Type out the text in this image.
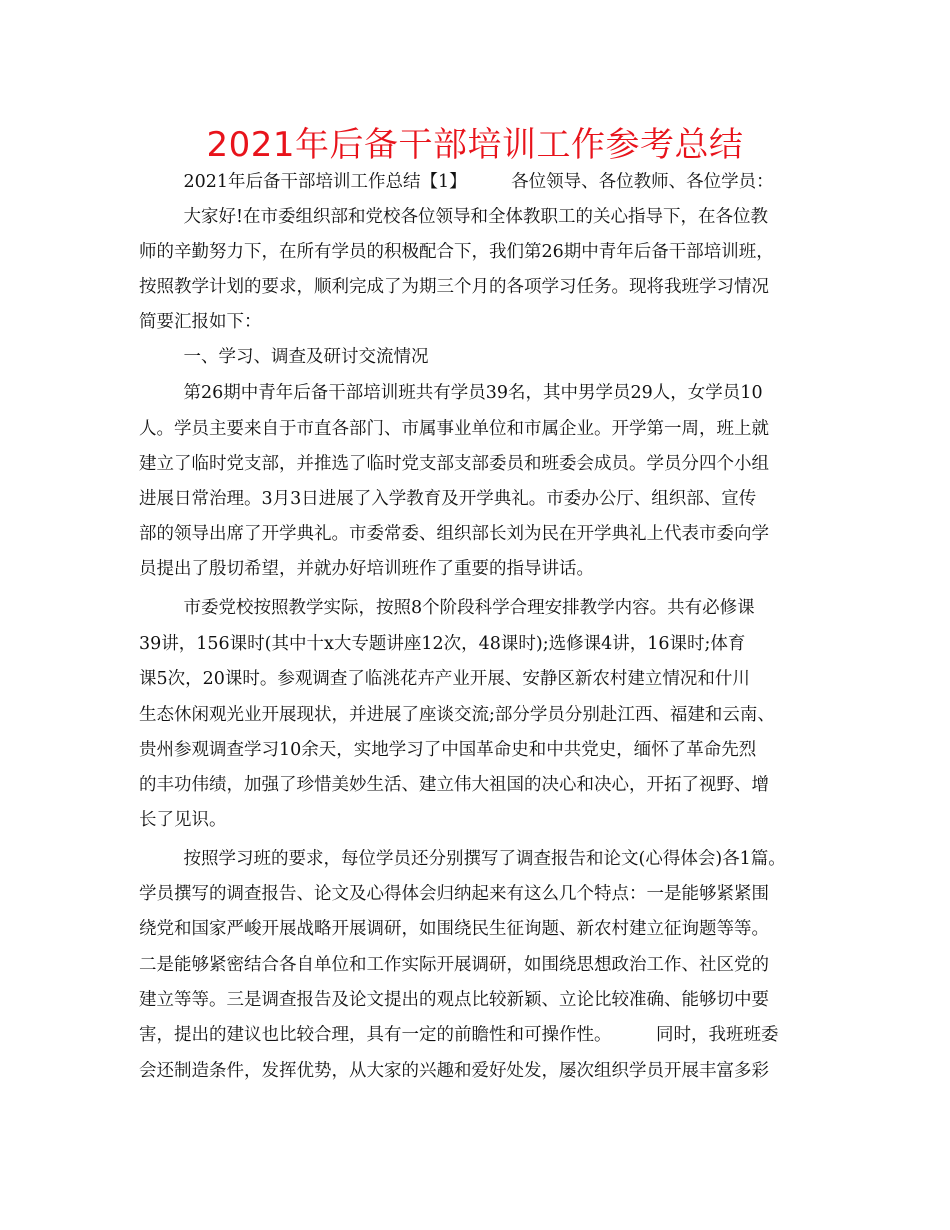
2021年后备干部培训工作参考总结
2021年后备干部培训工作总结【1】        各位领导、各位教师、各位学员：
大家好!在市委组织部和党校各位领导和全体教职工的关心指导下，在各位教
师的辛勤努力下，在所有学员的积极配合下，我们第26期中青年后备干部培训班，
按照教学计划的要求，顺利完成了为期三个月的各项学习任务。现将我班学习情况
简要汇报如下：
一、学习、调查及研讨交流情况
第26期中青年后备干部培训班共有学员39名，其中男学员29人，女学员10
人。学员主要来自于市直各部门、市属事业单位和市属企业。开学第一周，班上就
建立了临时党支部，并推选了临时党支部支部委员和班委会成员。学员分四个小组
进展日常治理。3月3日进展了入学教育及开学典礼。市委办公厅、组织部、宣传
部的领导出席了开学典礼。市委常委、组织部长刘为民在开学典礼上代表市委向学
员提出了殷切希望，并就办好培训班作了重要的指导讲话。
市委党校按照教学实际，按照8个阶段科学合理安排教学内容。共有必修课
39讲，156课时(其中十x大专题讲座12次，48课时);选修课4讲，16课时;体育
课5次，20课时。参观调查了临洮花卉产业开展、安静区新农村建立情况和什川
生态休闲观光业开展现状，并进展了座谈交流;部分学员分别赴江西、福建和云南、
贵州参观调查学习10余天，实地学习了中国革命史和中共党史，缅怀了革命先烈
的丰功伟绩，加强了珍惜美妙生活、建立伟大祖国的决心和决心，开拓了视野、增
长了见识。
按照学习班的要求，每位学员还分别撰写了调查报告和论文(心得体会)各1篇。
学员撰写的调查报告、论文及心得体会归纳起来有这么几个特点：一是能够紧紧围
绕党和国家严峻开展战略开展调研，如围绕民生征询题、新农村建立征询题等等。
二是能够紧密结合各自单位和工作实际开展调研，如围绕思想政治工作、社区党的
建立等等。三是调查报告及论文提出的观点比较新颖、立论比较准确、能够切中要
害，提出的建议也比较合理，具有一定的前瞻性和可操作性。        同时，我班班委
会还制造条件，发挥优势，从大家的兴趣和爱好处发，屡次组织学员开展丰富多彩
